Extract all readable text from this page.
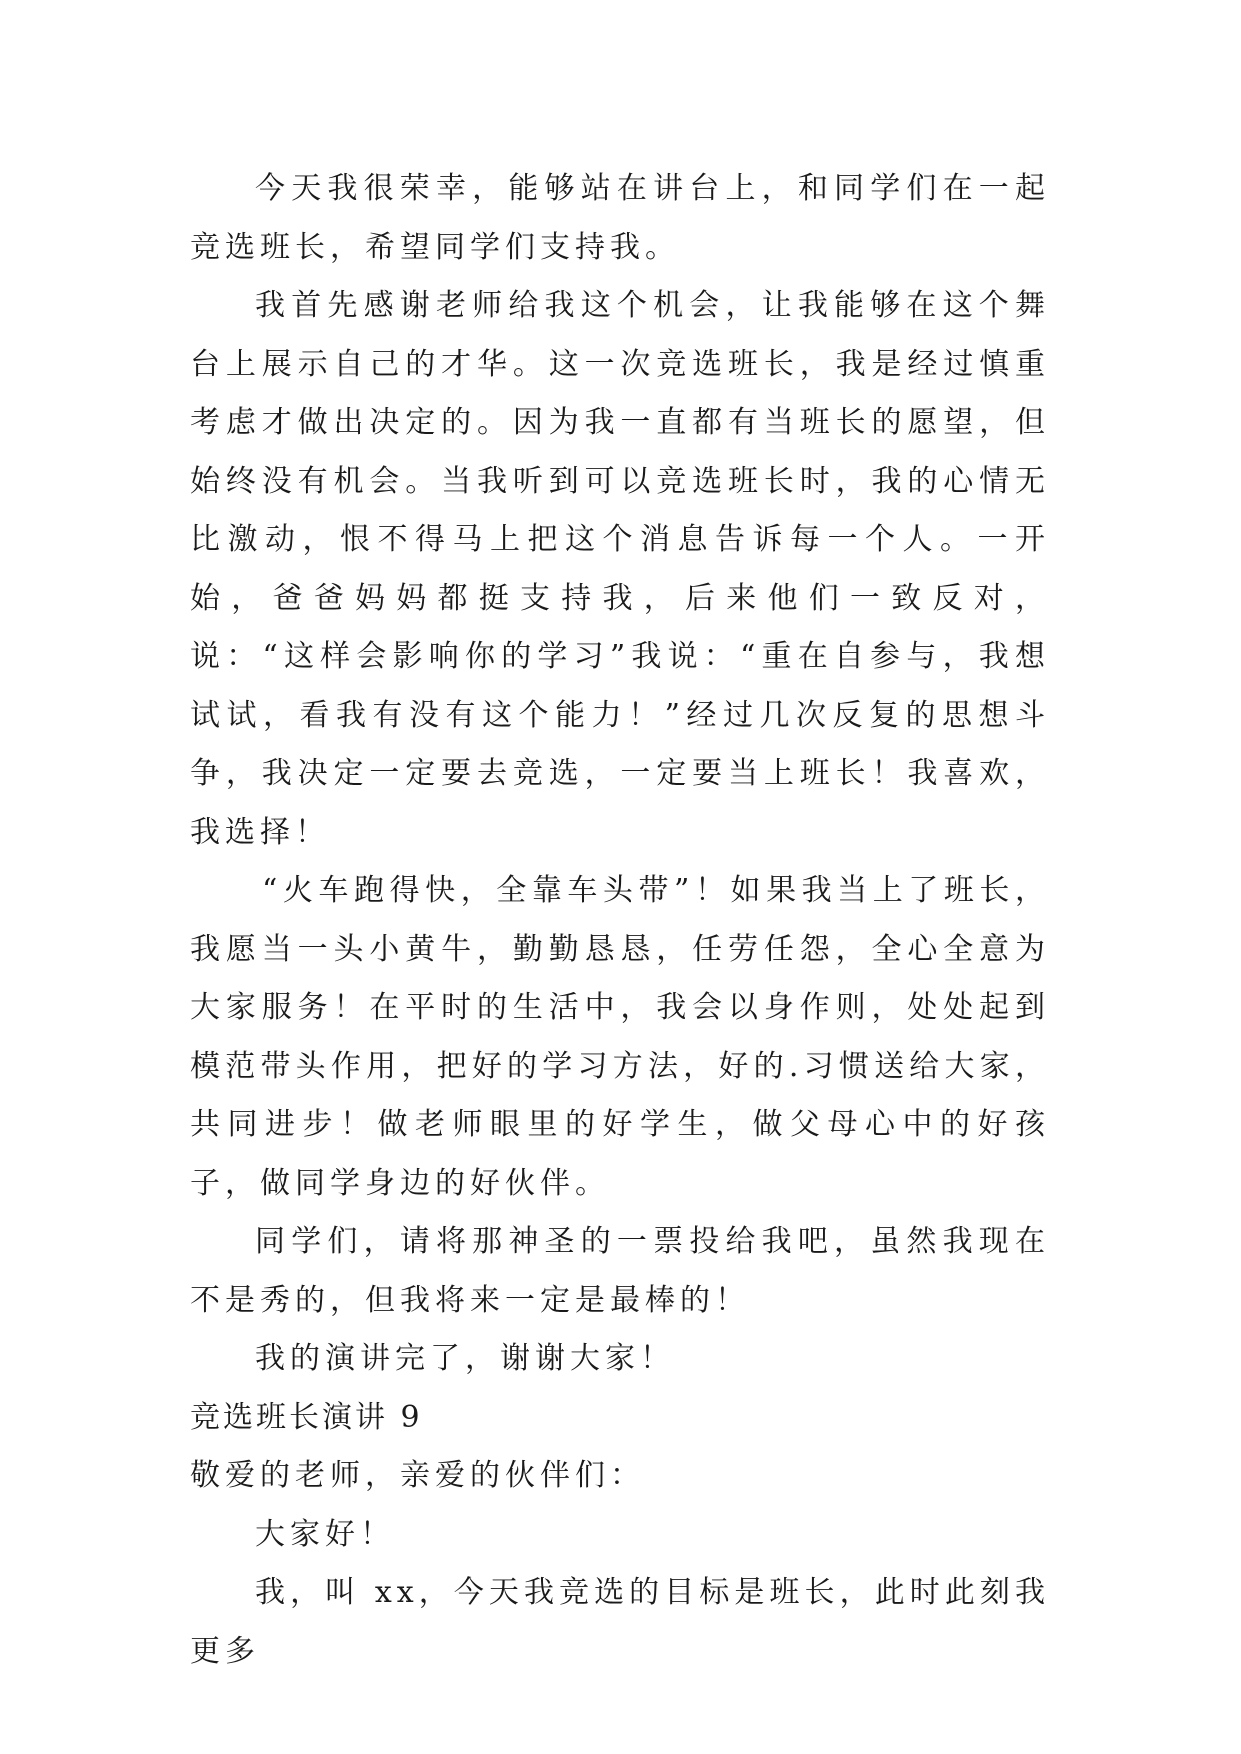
今天我很荣幸，能够站在讲台上，和同学们在一起竞选班长，希望同学们支持我。

我首先感谢老师给我这个机会，让我能够在这个舞台上展示自己的才华。这一次竞选班长，我是经过慎重考虑才做出决定的。因为我一直都有当班长的愿望，但始终没有机会。当我听到可以竞选班长时，我的心情无比激动，恨不得马上把这个消息告诉每一个人。一开始，爸爸妈妈都挺支持我，后来他们一致反对，说：“这样会影响你的学习”我说：“重在自参与，我想试试，看我有没有这个能力！”经过几次反复的思想斗争，我决定一定要去竞选，一定要当上班长！我喜欢，我选择！

“火车跑得快，全靠车头带”！如果我当上了班长，我愿当一头小黄牛，勤勤恳恳，任劳任怨，全心全意为大家服务！在平时的生活中，我会以身作则，处处起到模范带头作用，把好的学习方法，好的.习惯送给大家，共同进步！做老师眼里的好学生，做父母心中的好孩子，做同学身边的好伙伴。

同学们，请将那神圣的一票投给我吧，虽然我现在不是秀的，但我将来一定是最棒的！

我的演讲完了，谢谢大家！

竞选班长演讲 9

敬爱的老师，亲爱的伙伴们：

大家好！

我，叫 xx，今天我竞选的目标是班长，此时此刻我更多
